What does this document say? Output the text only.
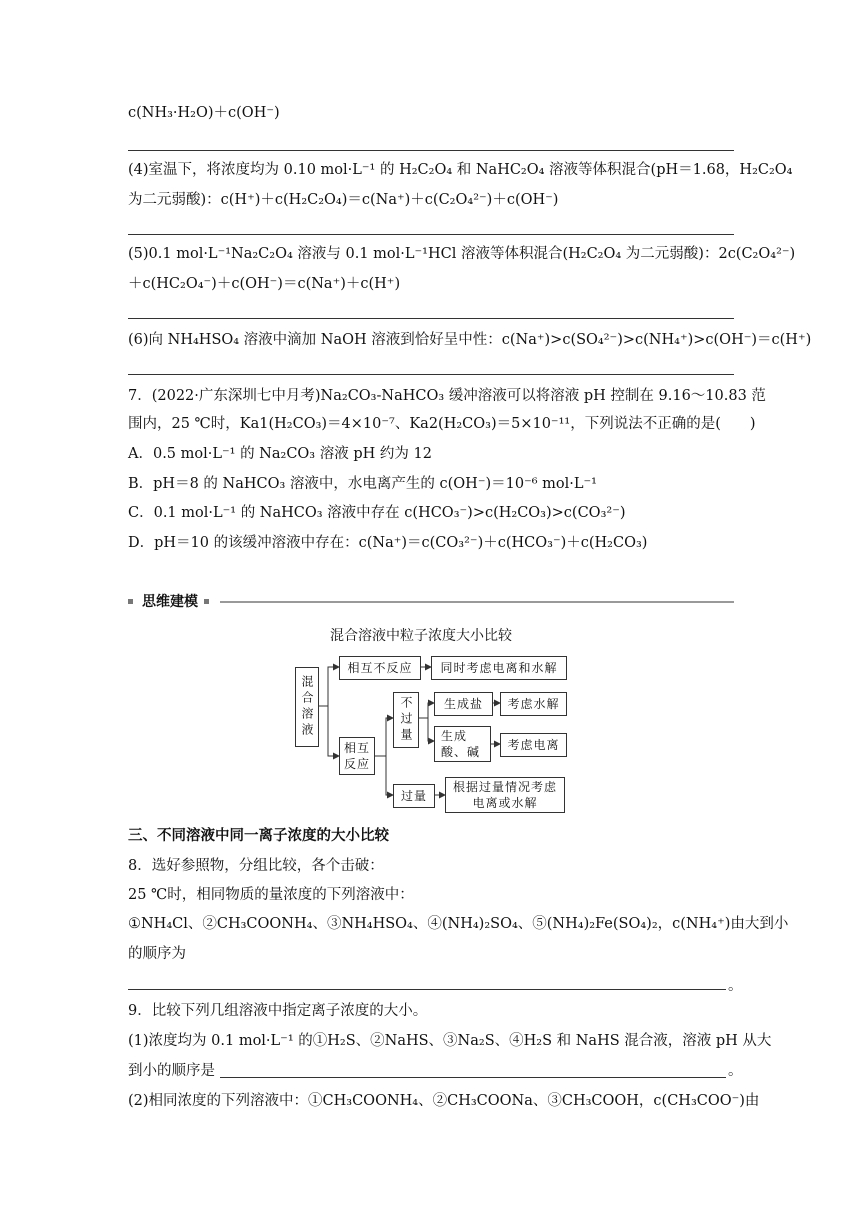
c(NH₃·H₂O)＋c(OH⁻)
(4)室温下，将浓度均为 0.10 mol·L⁻¹ 的 H₂C₂O₄ 和 NaHC₂O₄ 溶液等体积混合(pH＝1.68，H₂C₂O₄
为二元弱酸)：c(H⁺)＋c(H₂C₂O₄)＝c(Na⁺)＋c(C₂O₄²⁻)＋c(OH⁻)
(5)0.1 mol·L⁻¹Na₂C₂O₄ 溶液与 0.1 mol·L⁻¹HCl 溶液等体积混合(H₂C₂O₄ 为二元弱酸)：2c(C₂O₄²⁻)
＋c(HC₂O₄⁻)＋c(OH⁻)＝c(Na⁺)＋c(H⁺)
(6)向 NH₄HSO₄ 溶液中滴加 NaOH 溶液到恰好呈中性：c(Na⁺)>c(SO₄²⁻)>c(NH₄⁺)>c(OH⁻)＝c(H⁺)
7．(2022·广东深圳七中月考)Na₂CO₃-NaHCO₃ 缓冲溶液可以将溶液 pH 控制在 9.16～10.83 范
围内，25 ℃时，Ka1(H₂CO₃)＝4×10⁻⁷、Ka2(H₂CO₃)＝5×10⁻¹¹，下列说法不正确的是(　　)
A．0.5 mol·L⁻¹ 的 Na₂CO₃ 溶液 pH 约为 12
B．pH＝8 的 NaHCO₃ 溶液中，水电离产生的 c(OH⁻)＝10⁻⁶ mol·L⁻¹
C．0.1 mol·L⁻¹ 的 NaHCO₃ 溶液中存在 c(HCO₃⁻)>c(H₂CO₃)>c(CO₃²⁻)
D．pH＝10 的该缓冲溶液中存在：c(Na⁺)＝c(CO₃²⁻)＋c(HCO₃⁻)＋c(H₂CO₃)
思维建模
混合溶液中粒子浓度大小比较
混合溶液
相互不反应	同时考虑电离和水解
相互反应
不过量	生成盐	考虑水解
生成酸、碱	考虑电离
过量
根据过量情况考虑电离或水解
三、不同溶液中同一离子浓度的大小比较
8．选好参照物，分组比较，各个击破：
25 ℃时，相同物质的量浓度的下列溶液中：
①NH₄Cl、②CH₃COONH₄、③NH₄HSO₄、④(NH₄)₂SO₄、⑤(NH₄)₂Fe(SO₄)₂，c(NH₄⁺)由大到小
的顺序为
。
9．比较下列几组溶液中指定离子浓度的大小。
(1)浓度均为 0.1 mol·L⁻¹ 的①H₂S、②NaHS、③Na₂S、④H₂S 和 NaHS 混合液，溶液 pH 从大
到小的顺序是	。
(2)相同浓度的下列溶液中：①CH₃COONH₄、②CH₃COONa、③CH₃COOH，c(CH₃COO⁻)由
